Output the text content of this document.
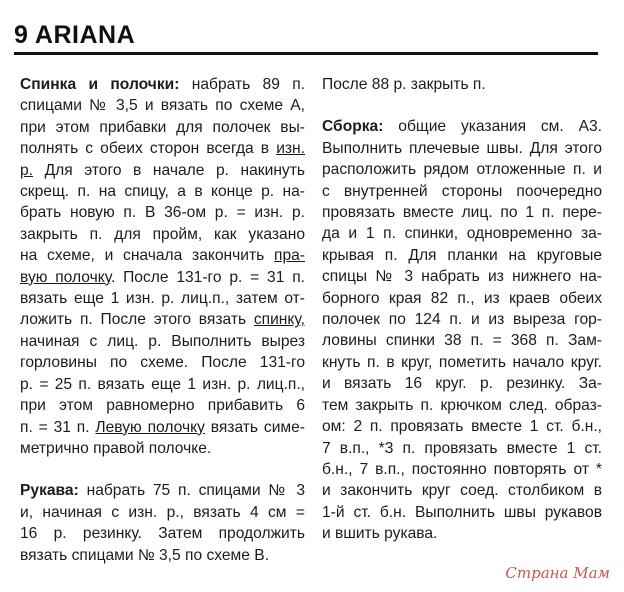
9 ARIANA
Спинка и полочки: набрать 89 п.
спицами № 3,5 и вязать по схеме А,
при этом прибавки для полочек вы-
полнять с обеих сторон всегда в изн.
р. Для этого в начале р. накинуть
скрещ. п. на спицу, а в конце р. на-
брать новую п. В 36-ом р. = изн. р.
закрыть п. для пройм, как указано
на схеме, и сначала закончить пра-
вую полочку. После 131-го р. = 31 п.
вязать еще 1 изн. р. лиц.п., затем от-
ложить п. После этого вязать спинку,
начиная с лиц. р. Выполнить вырез
горловины по схеме. После 131-го
р. = 25 п. вязать еще 1 изн. р. лиц.п.,
при этом равномерно прибавить 6
п. = 31 п. Левую полочку вязать симе-
метрично правой полочке.
Рукава: набрать 75 п. спицами № 3
и, начиная с изн. р., вязать 4 см =
16 р. резинку. Затем продолжить
вязать спицами № 3,5 по схеме В.
После 88 р. закрыть п.
Сборка: общие указания см. А3.
Выполнить плечевые швы. Для этого
расположить рядом отложенные п. и
с внутренней стороны поочередно
провязать вместе лиц. по 1 п. пере-
да и 1 п. спинки, одновременно за-
крывая п. Для планки на круговые
спицы № 3 набрать из нижнего на-
борного края 82 п., из краев обеих
полочек по 124 п. и из выреза гор-
ловины спинки 38 п. = 368 п. Зам-
кнуть п. в круг, пометить начало круг.
и вязать 16 круг. р. резинку. За-
тем закрыть п. крючком след. образ-
ом: 2 п. провязать вместе 1 ст. б.н.,
7 в.п., *3 п. провязать вместе 1 ст.
б.н., 7 в.п., постоянно повторять от *
и закончить круг соед. столбиком в
1-й ст. б.н. Выполнить швы рукавов
и вшить рукава.
Страна Мам
